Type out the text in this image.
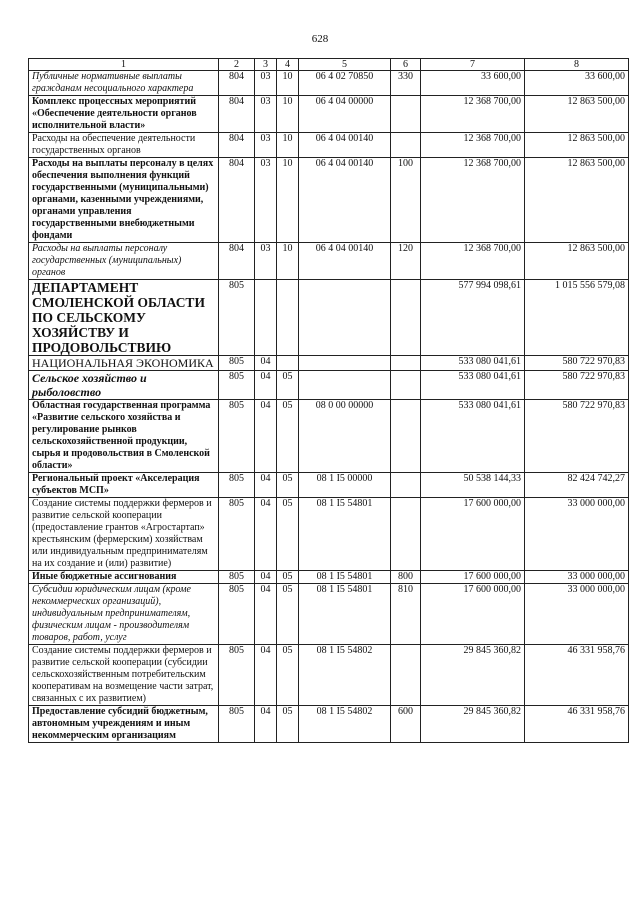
628
1	2	3	4	5	6	7	8
Публичные нормативные выплаты гражданам несоциального характера	804	03	10	06 4 02 70850	330	33 600,00	33 600,00
Комплекс процессных мероприятий «Обеспечение деятельности органов исполнительной власти»	804	03	10	06 4 04 00000		12 368 700,00	12 863 500,00
Расходы на обеспечение деятельности государственных органов	804	03	10	06 4 04 00140		12 368 700,00	12 863 500,00
Расходы на выплаты персоналу в целях обеспечения выполнения функций государственными (муниципальными) органами, казенными учреждениями, органами управления государственными внебюджетными фондами	804	03	10	06 4 04 00140	100	12 368 700,00	12 863 500,00
Расходы на выплаты персоналу государственных (муниципальных) органов	804	03	10	06 4 04 00140	120	12 368 700,00	12 863 500,00
ДЕПАРТАМЕНТ СМОЛЕНСКОЙ ОБЛАСТИ ПО СЕЛЬСКОМУ ХОЗЯЙСТВУ И ПРОДОВОЛЬСТВИЮ	805					577 994 098,61	1 015 556 579,08
НАЦИОНАЛЬНАЯ ЭКОНОМИКА	805	04				533 080 041,61	580 722 970,83
Сельское хозяйство и рыболовство	805	04	05			533 080 041,61	580 722 970,83
Областная государственная программа «Развитие сельского хозяйства и регулирование рынков сельскохозяйственной продукции, сырья и продовольствия в Смоленской области»	805	04	05	08 0 00 00000		533 080 041,61	580 722 970,83
Региональный проект «Акселерация субъектов МСП»	805	04	05	08 1 I5 00000		50 538 144,33	82 424 742,27
Создание системы поддержки фермеров и развитие сельской кооперации (предоставление грантов «Агростартап» крестьянским (фермерским) хозяйствам или индивидуальным предпринимателям на их создание и (или) развитие)	805	04	05	08 1 I5 54801		17 600 000,00	33 000 000,00
Иные бюджетные ассигнования	805	04	05	08 1 I5 54801	800	17 600 000,00	33 000 000,00
Субсидии юридическим лицам (кроме некоммерческих организаций), индивидуальным предпринимателям, физическим лицам - производителям товаров, работ, услуг	805	04	05	08 1 I5 54801	810	17 600 000,00	33 000 000,00
Создание системы поддержки фермеров и развитие сельской кооперации (субсидии сельскохозяйственным потребительским кооперативам на возмещение части затрат, связанных с их развитием)	805	04	05	08 1 I5 54802		29 845 360,82	46 331 958,76
Предоставление субсидий бюджетным, автономным учреждениям и иным некоммерческим организациям	805	04	05	08 1 I5 54802	600	29 845 360,82	46 331 958,76
